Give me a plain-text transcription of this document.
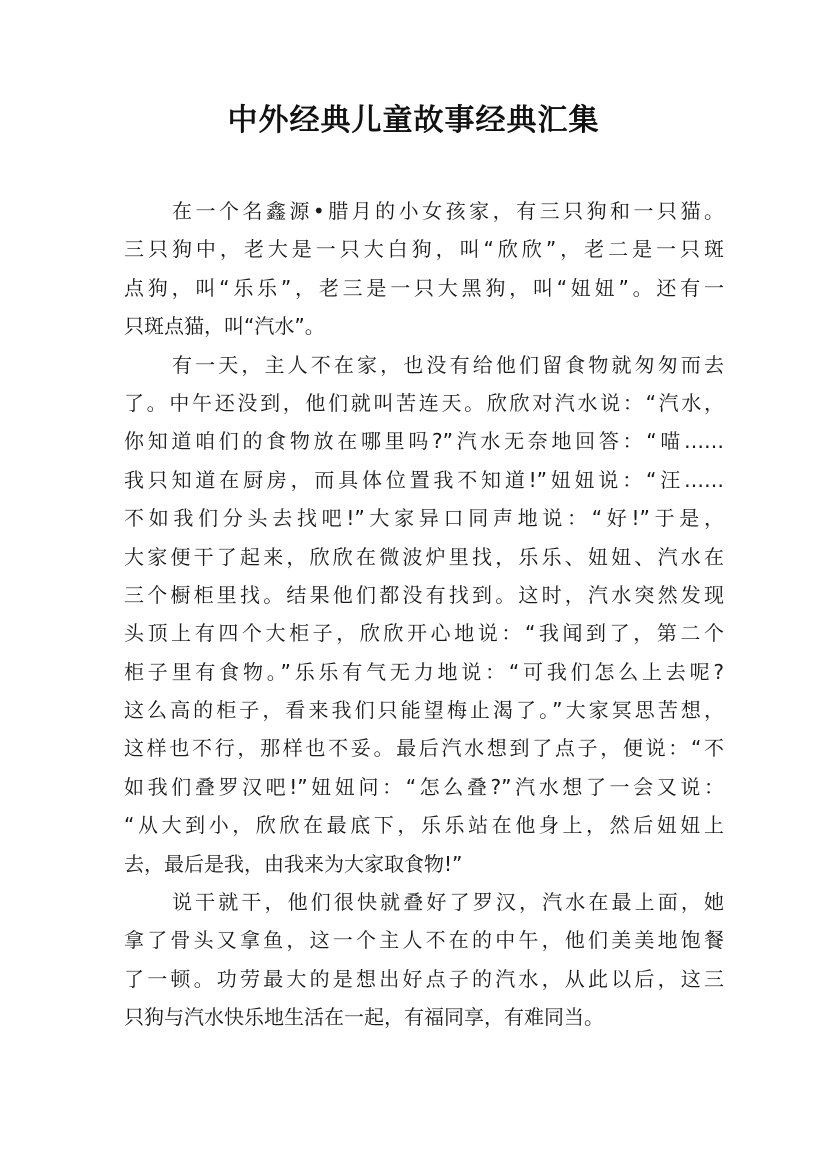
中外经典儿童故事经典汇集
在一个名鑫源•腊月的小女孩家，有三只狗和一只猫。
三只狗中，老大是一只大白狗，叫“欣欣”，老二是一只斑
点狗，叫“乐乐”，老三是一只大黑狗，叫“妞妞”。还有一
只斑点猫，叫“汽水”。
有一天，主人不在家，也没有给他们留食物就匆匆而去
了。中午还没到，他们就叫苦连天。欣欣对汽水说：“汽水，
你知道咱们的食物放在哪里吗?”汽水无奈地回答：“喵……
我只知道在厨房，而具体位置我不知道!”妞妞说：“汪……
不如我们分头去找吧!”大家异口同声地说：“好!”于是，
大家便干了起来，欣欣在微波炉里找，乐乐、妞妞、汽水在
三个橱柜里找。结果他们都没有找到。这时，汽水突然发现
头顶上有四个大柜子，欣欣开心地说：“我闻到了，第二个
柜子里有食物。”乐乐有气无力地说：“可我们怎么上去呢?
这么高的柜子，看来我们只能望梅止渴了。”大家冥思苦想，
这样也不行，那样也不妥。最后汽水想到了点子，便说：“不
如我们叠罗汉吧!”妞妞问：“怎么叠?”汽水想了一会又说：
“从大到小，欣欣在最底下，乐乐站在他身上，然后妞妞上
去，最后是我，由我来为大家取食物!”
说干就干，他们很快就叠好了罗汉，汽水在最上面，她
拿了骨头又拿鱼，这一个主人不在的中午，他们美美地饱餐
了一顿。功劳最大的是想出好点子的汽水，从此以后，这三
只狗与汽水快乐地生活在一起，有福同享，有难同当。
